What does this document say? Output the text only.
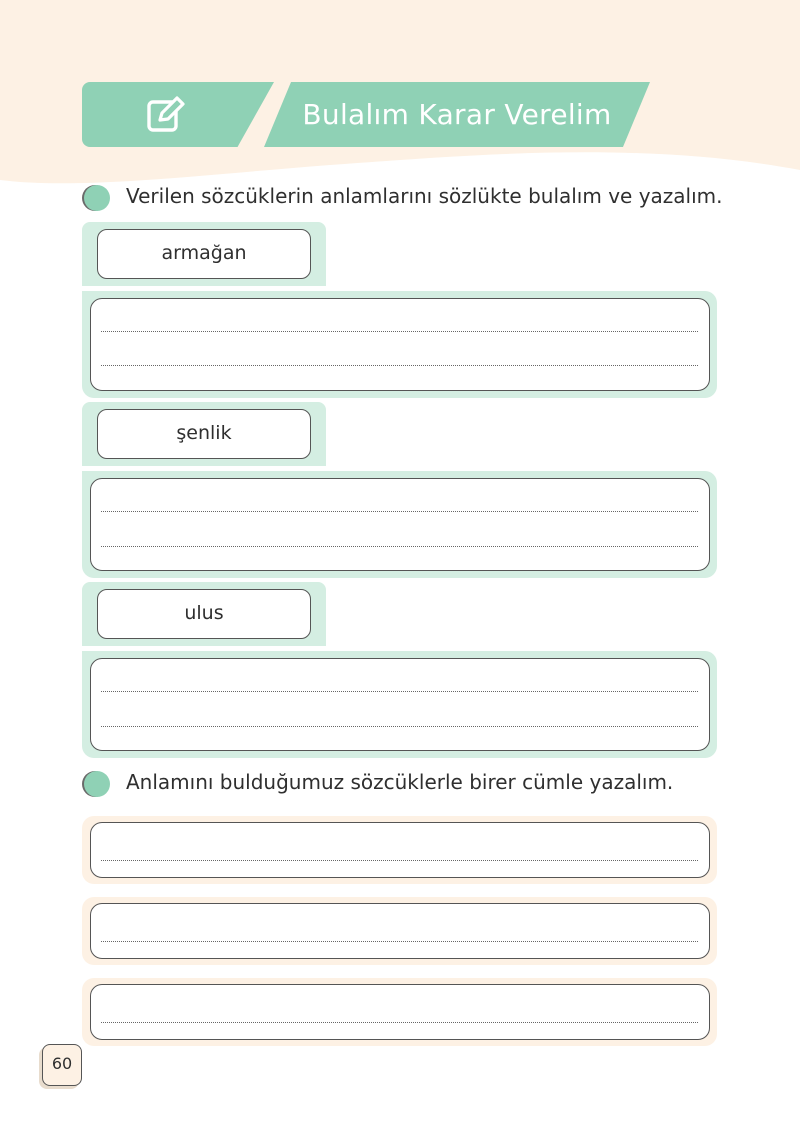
Bulalım Karar Verelim
Verilen sözcüklerin anlamlarını sözlükte bulalım ve yazalım.
armağan
şenlik
ulus
Anlamını bulduğumuz sözcüklerle birer cümle yazalım.
60
